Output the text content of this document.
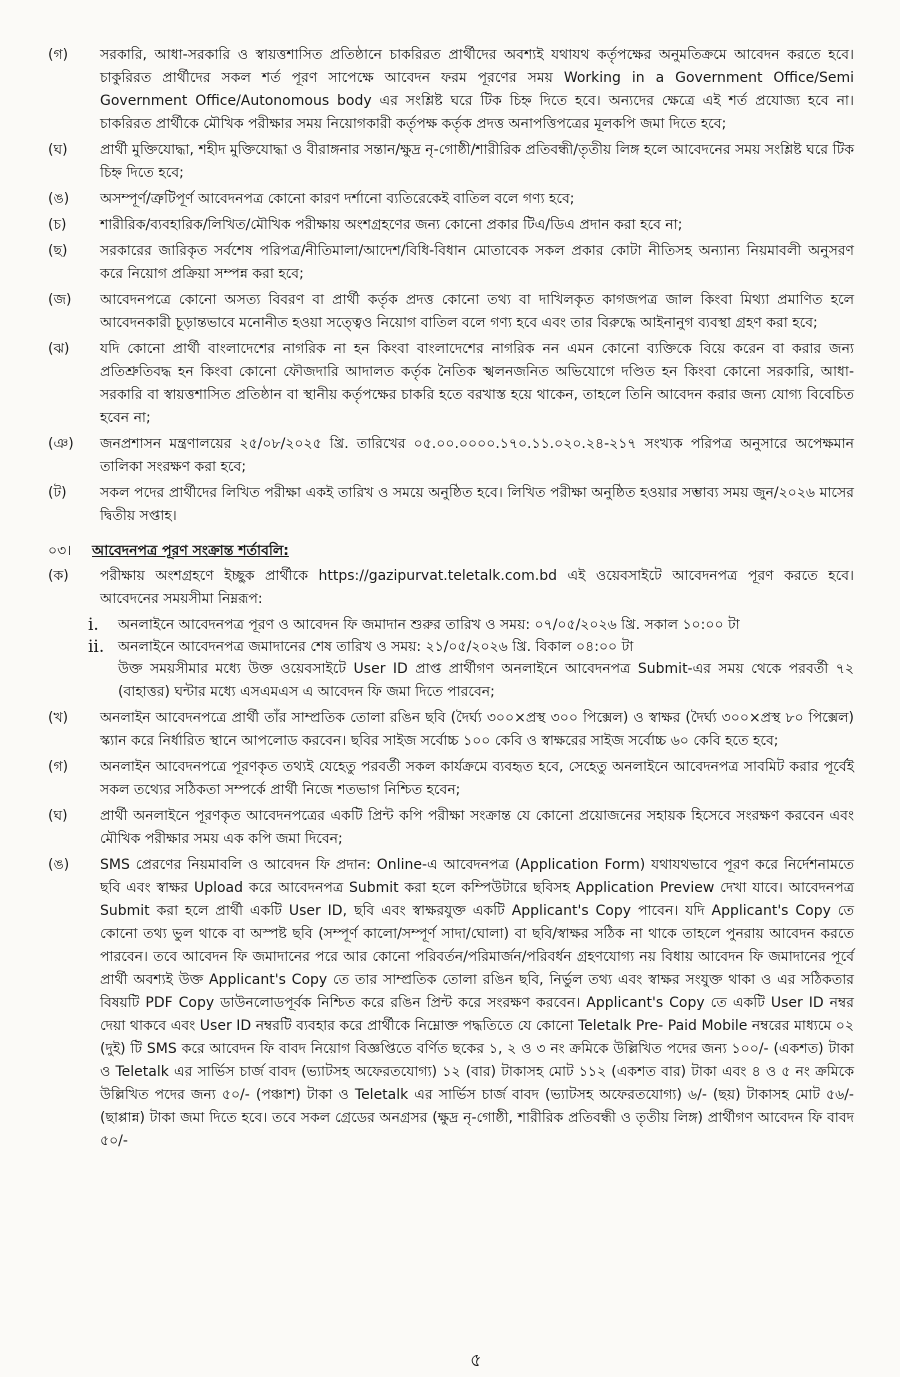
(গ)	সরকারি, আধা-সরকারি ও স্বায়ত্তশাসিত প্রতিষ্ঠানে চাকরিরত প্রার্থীদের অবশ্যই যথাযথ কর্তৃপক্ষের অনুমতিক্রমে আবেদন করতে হবে। চাকুরিরত প্রার্থীদের সকল শর্ত পূরণ সাপেক্ষে আবেদন ফরম পূরণের সময় Working in a Government Office/Semi Government Office/Autonomous body এর সংশ্লিষ্ট ঘরে টিক চিহ্ন দিতে হবে। অন্যদের ক্ষেত্রে এই শর্ত প্রযোজ্য হবে না। চাকরিরত প্রার্থীকে মৌখিক পরীক্ষার সময় নিয়োগকারী কর্তৃপক্ষ কর্তৃক প্রদত্ত অনাপত্তিপত্রের মূলকপি জমা দিতে হবে;
(ঘ)	প্রার্থী মুক্তিযোদ্ধা, শহীদ মুক্তিযোদ্ধা ও বীরাঙ্গনার সন্তান/ক্ষুদ্র নৃ-গোষ্ঠী/শারীরিক প্রতিবন্ধী/তৃতীয় লিঙ্গ হলে আবেদনের সময় সংশ্লিষ্ট ঘরে টিক চিহ্ন দিতে হবে;
(ঙ)	অসম্পূর্ণ/ত্রুটিপূর্ণ আবেদনপত্র কোনো কারণ দর্শানো ব্যতিরেকেই বাতিল বলে গণ্য হবে;
(চ)	শারীরিক/ব্যবহারিক/লিখিত/মৌখিক পরীক্ষায় অংশগ্রহণের জন্য কোনো প্রকার টিএ/ডিএ প্রদান করা হবে না;
(ছ)	সরকারের জারিকৃত সর্বশেষ পরিপত্র/নীতিমালা/আদেশ/বিধি-বিধান মোতাবেক সকল প্রকার কোটা নীতিসহ অন্যান্য নিয়মাবলী অনুসরণ করে নিয়োগ প্রক্রিয়া সম্পন্ন করা হবে;
(জ)	আবেদনপত্রে কোনো অসত্য বিবরণ বা প্রার্থী কর্তৃক প্রদত্ত কোনো তথ্য বা দাখিলকৃত কাগজপত্র জাল কিংবা মিথ্যা প্রমাণিত হলে আবেদনকারী চূড়ান্তভাবে মনোনীত হওয়া সত্ত্বেও নিয়োগ বাতিল বলে গণ্য হবে এবং তার বিরুদ্ধে আইনানুগ ব্যবস্থা গ্রহণ করা হবে;
(ঝ)	যদি কোনো প্রার্থী বাংলাদেশের নাগরিক না হন কিংবা বাংলাদেশের নাগরিক নন এমন কোনো ব্যক্তিকে বিয়ে করেন বা করার জন্য প্রতিশ্রুতিবদ্ধ হন কিংবা কোনো ফৌজদারি আদালত কর্তৃক নৈতিক স্খলনজনিত অভিযোগে দণ্ডিত হন কিংবা কোনো সরকারি, আধা-সরকারি বা স্বায়ত্তশাসিত প্রতিষ্ঠান বা স্থানীয় কর্তৃপক্ষের চাকরি হতে বরখাস্ত হয়ে থাকেন, তাহলে তিনি আবেদন করার জন্য যোগ্য বিবেচিত হবেন না;
(ঞ)	জনপ্রশাসন মন্ত্রণালয়ের ২৫/০৮/২০২৫ খ্রি. তারিখের ০৫.০০.০০০০.১৭০.১১.০২০.২৪-২১৭ সংখ্যক পরিপত্র অনুসারে অপেক্ষমান তালিকা সংরক্ষণ করা হবে;
(ট)	সকল পদের প্রার্থীদের লিখিত পরীক্ষা একই তারিখ ও সময়ে অনুষ্ঠিত হবে। লিখিত পরীক্ষা অনুষ্ঠিত হওয়ার সম্ভাব্য সময় জুন/২০২৬ মাসের দ্বিতীয় সপ্তাহ।
০৩।	আবেদনপত্র পূরণ সংক্রান্ত শর্তাবলি:
(ক)	পরীক্ষায় অংশগ্রহণে ইচ্ছুক প্রার্থীকে https://gazipurvat.teletalk.com.bd এই ওয়েবসাইটে আবেদনপত্র পূরণ করতে হবে। আবেদনের সময়সীমা নিম্নরূপ:
i.	অনলাইনে আবেদনপত্র পূরণ ও আবেদন ফি জমাদান শুরুর তারিখ ও সময়: ০৭/০৫/২০২৬ খ্রি. সকাল ১০:০০ টা
ii. অনলাইনে আবেদনপত্র জমাদানের শেষ তারিখ ও সময়: ২১/০৫/২০২৬ খ্রি. বিকাল ০৪:০০ টা
উক্ত সময়সীমার মধ্যে উক্ত ওয়েবসাইটে User ID প্রাপ্ত প্রার্থীগণ অনলাইনে আবেদনপত্র Submit-এর সময় থেকে পরবর্তী ৭২ (বাহাত্তর) ঘন্টার মধ্যে এসএমএস এ আবেদন ফি জমা দিতে পারবেন;
(খ)	অনলাইন আবেদনপত্রে প্রার্থী তাঁর সাম্প্রতিক তোলা রঙিন ছবি (দৈর্ঘ্য ৩০০×প্রস্থ ৩০০ পিক্সেল) ও স্বাক্ষর (দৈর্ঘ্য ৩০০×প্রস্থ ৮০ পিক্সেল) স্ক্যান করে নির্ধারিত স্থানে আপলোড করবেন। ছবির সাইজ সর্বোচ্চ ১০০ কেবি ও স্বাক্ষরের সাইজ সর্বোচ্চ ৬০ কেবি হতে হবে;
(গ)	অনলাইন আবেদনপত্রে পূরণকৃত তথ্যই যেহেতু পরবর্তী সকল কার্যক্রমে ব্যবহৃত হবে, সেহেতু অনলাইনে আবেদনপত্র সাবমিট করার পূর্বেই সকল তথ্যের সঠিকতা সম্পর্কে প্রার্থী নিজে শতভাগ নিশ্চিত হবেন;
(ঘ)	প্রার্থী অনলাইনে পূরণকৃত আবেদনপত্রের একটি প্রিন্ট কপি পরীক্ষা সংক্রান্ত যে কোনো প্রয়োজনের সহায়ক হিসেবে সংরক্ষণ করবেন এবং মৌখিক পরীক্ষার সময় এক কপি জমা দিবেন;
(ঙ)	SMS প্রেরণের নিয়মাবলি ও আবেদন ফি প্রদান: Online-এ আবেদনপত্র (Application Form) যথাযথভাবে পূরণ করে নির্দেশনামতে ছবি এবং স্বাক্ষর Upload করে আবেদনপত্র Submit করা হলে কম্পিউটারে ছবিসহ Application Preview দেখা যাবে। আবেদনপত্র Submit করা হলে প্রার্থী একটি User ID, ছবি এবং স্বাক্ষরযুক্ত একটি Applicant's Copy পাবেন। যদি Applicant's Copy তে কোনো তথ্য ভুল থাকে বা অস্পষ্ট ছবি (সম্পূর্ণ কালো/সম্পূর্ণ সাদা/ঘোলা) বা ছবি/স্বাক্ষর সঠিক না থাকে তাহলে পুনরায় আবেদন করতে পারবেন। তবে আবেদন ফি জমাদানের পরে আর কোনো পরিবর্তন/পরিমার্জন/পরিবর্ধন গ্রহণযোগ্য নয় বিধায় আবেদন ফি জমাদানের পূর্বে প্রার্থী অবশ্যই উক্ত Applicant's Copy তে তার সাম্প্রতিক তোলা রঙিন ছবি, নির্ভুল তথ্য এবং স্বাক্ষর সংযুক্ত থাকা ও এর সঠিকতার বিষয়টি PDF Copy ডাউনলোডপূর্বক নিশ্চিত করে রঙিন প্রিন্ট করে সংরক্ষণ করবেন। Applicant's Copy তে একটি User ID নম্বর দেয়া থাকবে এবং User ID নম্বরটি ব্যবহার করে প্রার্থীকে নিম্নোক্ত পদ্ধতিতে যে কোনো Teletalk Pre- Paid Mobile নম্বরের মাধ্যমে ০২ (দুই) টি SMS করে আবেদন ফি বাবদ নিয়োগ বিজ্ঞপ্তিতে বর্ণিত ছকের ১, ২ ও ৩ নং ক্রমিকে উল্লিখিত পদের জন্য ১০০/- (একশত) টাকা ও Teletalk এর সার্ভিস চার্জ বাবদ (ভ্যাটসহ অফেরতযোগ্য) ১২ (বার) টাকাসহ মোট ১১২ (একশত বার) টাকা এবং ৪ ও ৫ নং ক্রমিকে উল্লিখিত পদের জন্য ৫০/- (পঞ্চাশ) টাকা ও Teletalk এর সার্ভিস চার্জ বাবদ (ভ্যাটসহ অফেরতযোগ্য) ৬/- (ছয়) টাকাসহ মোট ৫৬/- (ছাপ্পান্ন) টাকা জমা দিতে হবে। তবে সকল গ্রেডের অনগ্রসর (ক্ষুদ্র নৃ-গোষ্ঠী, শারীরিক প্রতিবন্ধী ও তৃতীয় লিঙ্গ) প্রার্থীগণ আবেদন ফি বাবদ ৫০/-
৫
